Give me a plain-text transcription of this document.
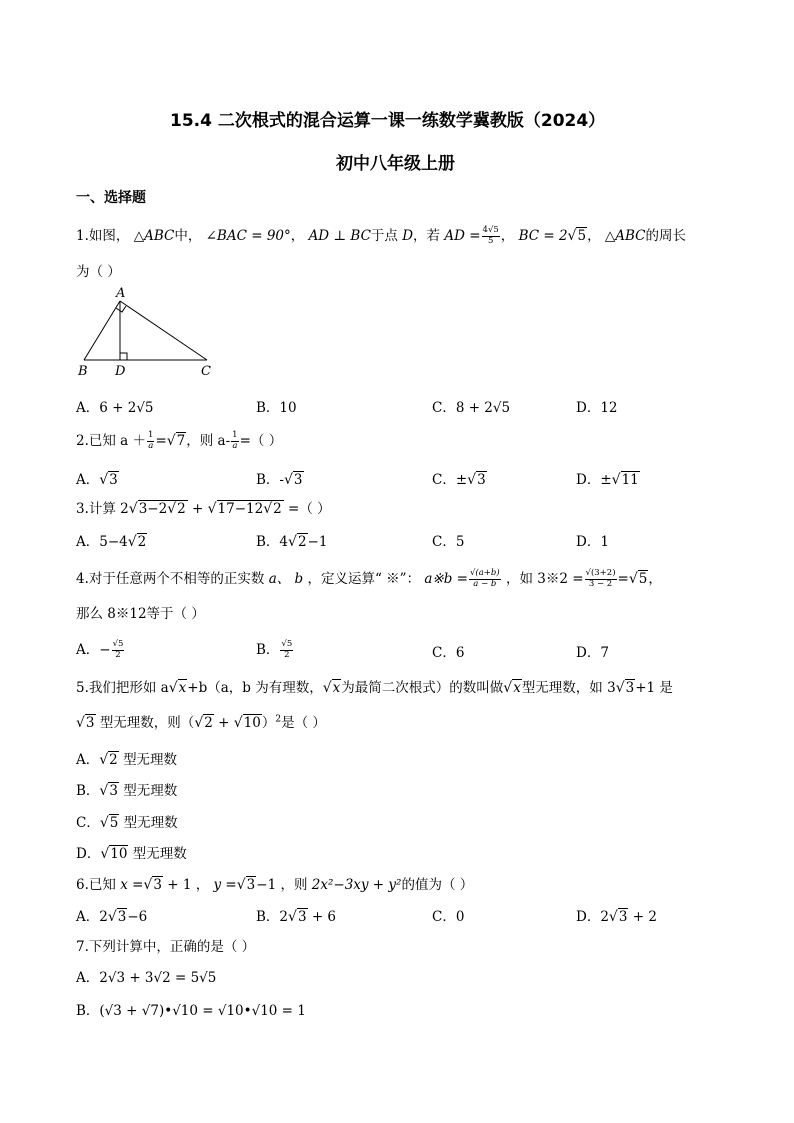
15.4 二次根式的混合运算一课一练数学冀教版（2024）
初中八年级上册
一、选择题
1.如图， △ABC中， ∠BAC = 90°， AD ⊥ BC于点 D，若 AD = $\frac{4√5}{5}$ ， BC = 2√5， △ABC的周长
为（ ）
A
B D	C
A．6 + 2√5	B．10	C．8 + 2√5	D．12
2.已知 $a + \frac{1}{a} =√7$，则 $a- \frac{1}{a}$ =（ ）
A．√3	B．-√3	C．±√3	D．±√11
3.计算 2√3−2√2 + √17−12√2 =（ ）
A．5−4√2	B．4√2−1	C．5	D．1
4.对于任意两个不相等的正实数 a、 b ，定义运算“ ※”： a※b = $\frac{√(a+b)}{a - b}$ ，如 3※2 = $\frac{√(3+2)}{3 - 2} =√5$，
那么 8※12等于（ ）
A．− $\frac{√5}{2}$	B． $\frac{√5}{2}$	C．6	D．7
5.我们把形如 a√x+b（a，b 为有理数，√x为最简二次根式）的数叫做√x型无理数，如 3√3+1 是
√3 型无理数，则$(√2 + √10)^2$是（ ）
A．√2 型无理数
B．√3 型无理数
C．√5 型无理数
D．√10 型无理数
6.已知 x =√3 + 1 ， y =√3−1 ，则 2x²−3xy + y²的值为（ ）
A．2√3−6	B．2√3 + 6	C．0	D．2√3 + 2
7.下列计算中，正确的是（ ）
A．2√3 + 3√2 = 5√5
B．(√3 + √7)•√10 = √10•√10 = 1
